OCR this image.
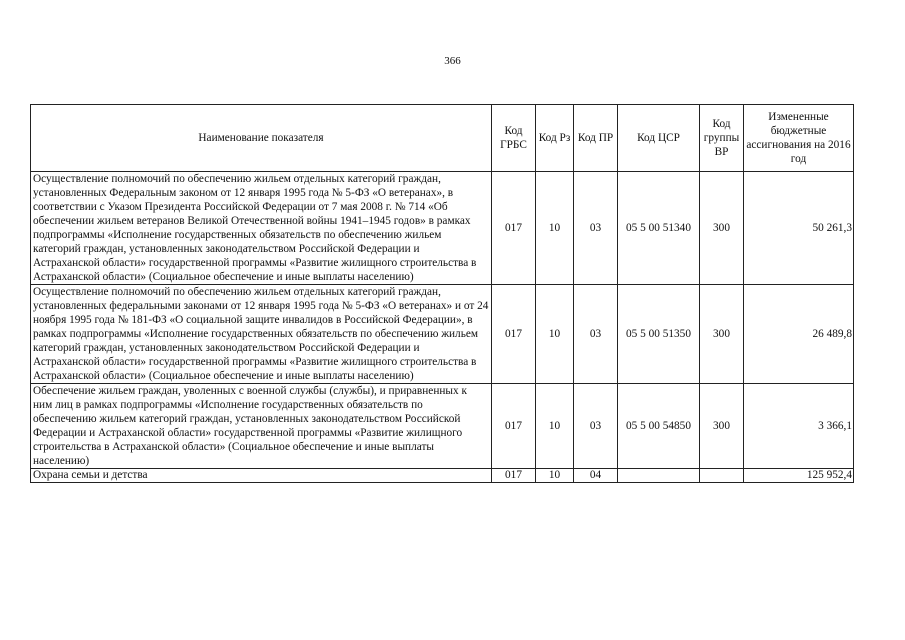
366
Наименование показателя	Код ГРБС	Код Рз	Код ПР	Код ЦСР	Код группы ВР	Измененные бюджетные ассигнования на 2016 год
Осуществление полномочий по обеспечению жильем отдельных категорий граждан, установленных Федеральным законом от 12 января 1995 года № 5-ФЗ «О ветеранах», в соответствии с Указом Президента Российской Федерации от 7 мая 2008 г. № 714 «Об обеспечении жильем ветеранов Великой Отечественной войны 1941–1945 годов» в рамках подпрограммы «Исполнение государственных обязательств по обеспечению жильем категорий граждан, установленных законодательством Российской Федерации и Астраханской области» государственной программы «Развитие жилищного строительства в Астраханской области» (Социальное обеспечение и иные выплаты населению)	017	10	03	05 5 00 51340	300	50 261,3
Осуществление полномочий по обеспечению жильем отдельных категорий граждан, установленных федеральными законами от 12 января 1995 года № 5-ФЗ «О ветеранах» и от 24 ноября 1995 года № 181-ФЗ «О социальной защите инвалидов в Российской Федерации», в рамках подпрограммы «Исполнение государственных обязательств по обеспечению жильем категорий граждан, установленных законодательством Российской Федерации и Астраханской области» государственной программы «Развитие жилищного строительства в Астраханской области» (Социальное обеспечение и иные выплаты населению)	017	10	03	05 5 00 51350	300	26 489,8
Обеспечение жильем граждан, уволенных с военной службы (службы), и приравненных к ним лиц в рамках подпрограммы «Исполнение государственных обязательств по обеспечению жильем категорий граждан, установленных законодательством Российской Федерации и Астраханской области» государственной программы «Развитие жилищного строительства в Астраханской области» (Социальное обеспечение и иные выплаты населению)	017	10	03	05 5 00 54850	300	3 366,1
Охрана семьи и детства	017	10	04			125 952,4
